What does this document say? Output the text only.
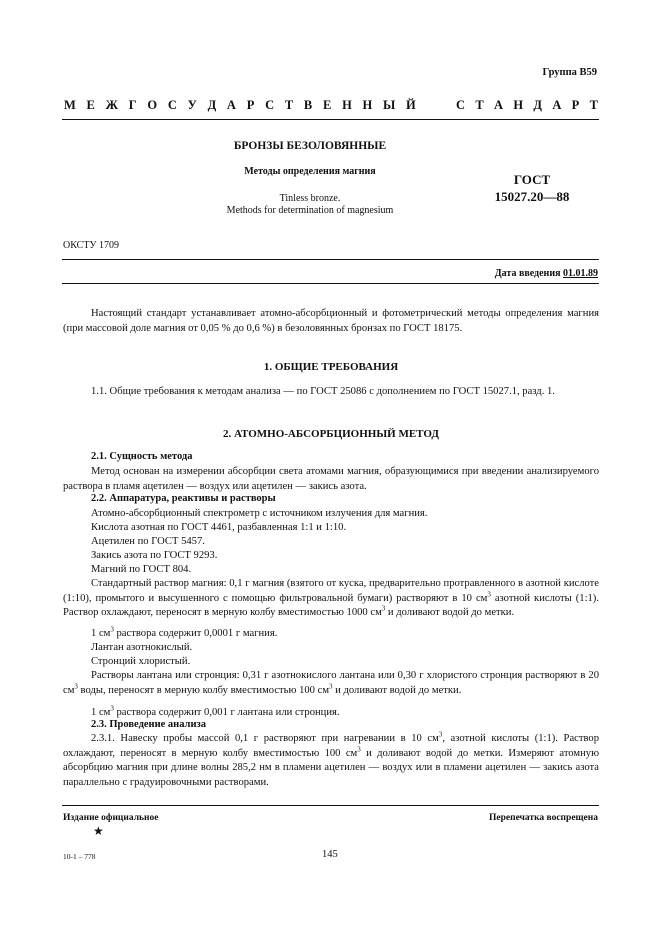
Группа В59
М Е Ж Г О С У Д А Р С Т В Е Н Н Ы Й	С Т А Н Д А Р Т
БРОНЗЫ БЕЗОЛОВЯННЫЕ
Методы определения магния
Tinless bronze.
Methods for determination of magnesium
ГОСТ
15027.20—88
ОКСТУ 1709
Дата введения 01.01.89
Настоящий стандарт устанавливает атомно-абсорбционный и фотометрический методы определения магния (при массовой доле магния от 0,05 % до 0,6 %) в безоловянных бронзах по ГОСТ 18175.
1. ОБЩИЕ ТРЕБОВАНИЯ
1.1. Общие требования к методам анализа — по ГОСТ 25086 с дополнением по ГОСТ 15027.1, разд. 1.
2. АТОМНО-АБСОРБЦИОННЫЙ МЕТОД
2.1. Сущность метода
Метод основан на измерении абсорбции света атомами магния, образующимися при введении анализируемого раствора в пламя ацетилен — воздух или ацетилен — закись азота.
2.2. Аппаратура, реактивы и растворы
Атомно-абсорбционный спектрометр с источником излучения для магния.
Кислота азотная по ГОСТ 4461, разбавленная 1:1 и 1:10.
Ацетилен по ГОСТ 5457.
Закись азота по ГОСТ 9293.
Магний по ГОСТ 804.
Стандартный раствор магния: 0,1 г магния (взятого от куска, предварительно протравленного в азотной кислоте (1:10), промытого и высушенного с помощью фильтровальной бумаги) растворяют в 10 $см^3$ азотной кислоты (1:1). Раствор охлаждают, переносят в мерную колбу вместимостью 1000 $см^3$ и доливают водой до метки.
1 $см^3$ раствора содержит 0,0001 г магния.
Лантан азотнокислый.
Стронций хлористый.
Растворы лантана или стронция: 0,31 г азотнокислого лантана или 0,30 г хлористого стронция растворяют в 20 $см^3$ воды, переносят в мерную колбу вместимостью 100 $см^3$ и доливают водой до метки.
1 $см^3$ раствора содержит 0,001 г лантана или стронция.
2.3. Проведение анализа
2.3.1. Навеску пробы массой 0,1 г растворяют при нагревании в 10 $см^3$, азотной кислоты (1:1). Раствор охлаждают, переносят в мерную колбу вместимостью 100 $см^3$ и доливают водой до метки. Измеряют атомную абсорбцию магния при длине волны 285,2 нм в пламени ацетилен — воздух или в пламени ацетилен — закись азота параллельно с градуировочными растворами.
Издание официальное	Перепечатка воспрещена
★
10-1 – 778	145
